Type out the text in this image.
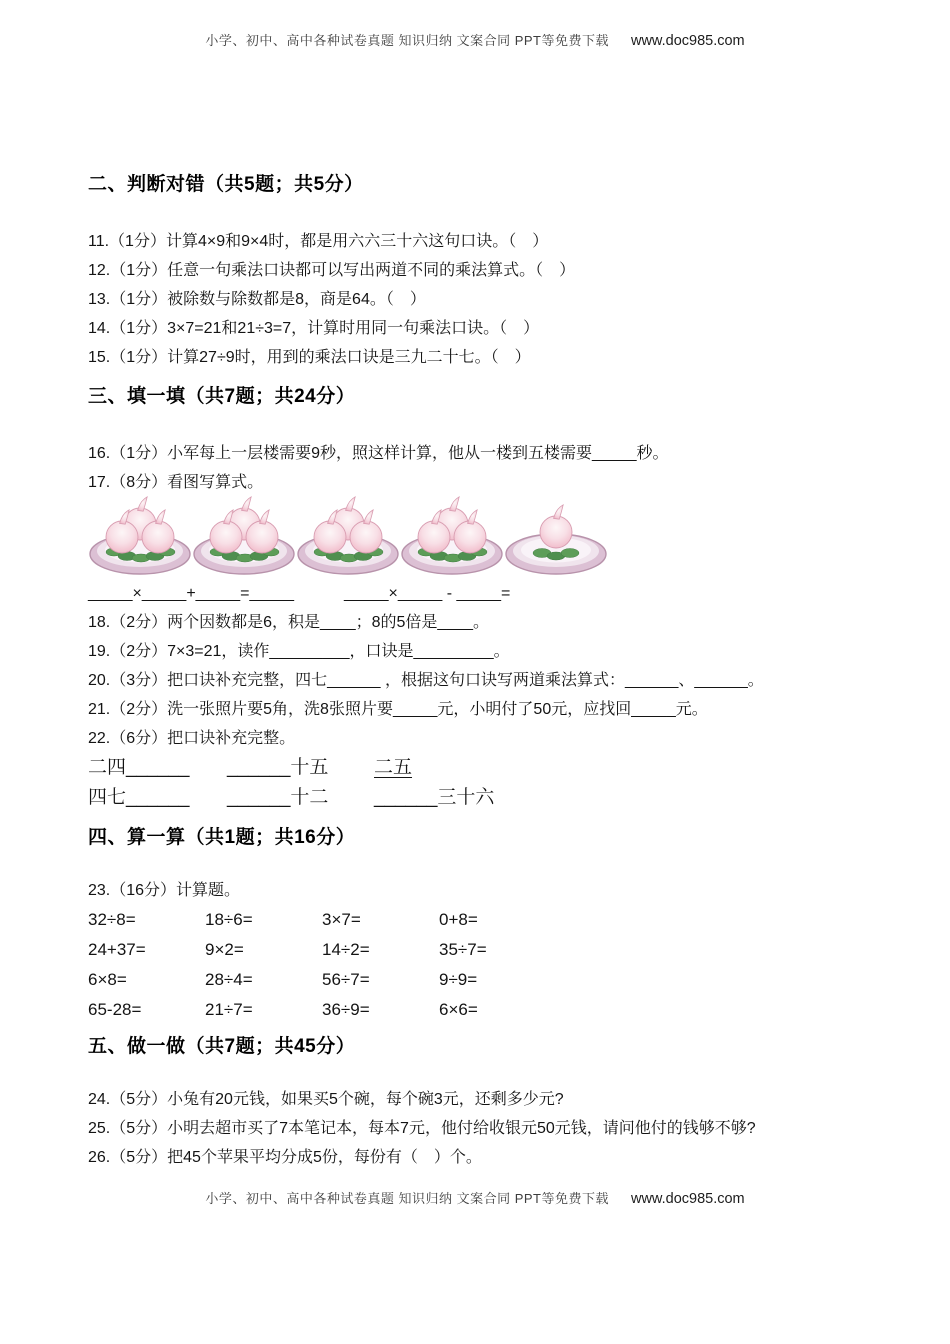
小学、初中、高中各种试卷真题 知识归纳 文案合同 PPT等免费下载 www.doc985.com
二、判断对错（共5题；共5分）
11.（1分）计算4×9和9×4时，都是用六六三十六这句口诀。（　）
12.（1分）任意一句乘法口诀都可以写出两道不同的乘法算式。（　）
13.（1分）被除数与除数都是8，商是64。（　）
14.（1分）3×7=21和21÷3=7，计算时用同一句乘法口诀。（　）
15.（1分）计算27÷9时，用到的乘法口诀是三九二十七。（　）
三、填一填（共7题；共24分）
16.（1分）小军每上一层楼需要9秒，照这样计算，他从一楼到五楼需要_____秒。
17.（8分）看图写算式。
_____×_____+_____=_____	_____×_____ - _____=
18.（2分）两个因数都是6，积是____；8的5倍是____。
19.（2分）7×3=21，读作_________，口诀是_________。
20.（3分）把口诀补充完整，四七______ ，根据这句口诀写两道乘法算式：______、______。
21.（2分）洗一张照片要5角，洗8张照片要_____元，小明付了50元，应找回_____元。
22.（6分）把口诀补充完整。
二四______ ______十五 二五
四七______ ______十二 ______三十六
四、算一算（共1题；共16分）
23.（16分）计算题。
32÷8=	18÷6=	3×7=	0+8=
24+37=	9×2=	14÷2=	35÷7=
6×8=	28÷4=	56÷7=	9÷9=
65-28=	21÷7=	36÷9=	6×6=
五、做一做（共7题；共45分）
24.（5分）小兔有20元钱，如果买5个碗，每个碗3元，还剩多少元?
25.（5分）小明去超市买了7本笔记本，每本7元，他付给收银元50元钱，请问他付的钱够不够?
26.（5分）把45个苹果平均分成5份，每份有（　）个。
小学、初中、高中各种试卷真题 知识归纳 文案合同 PPT等免费下载 www.doc985.com
